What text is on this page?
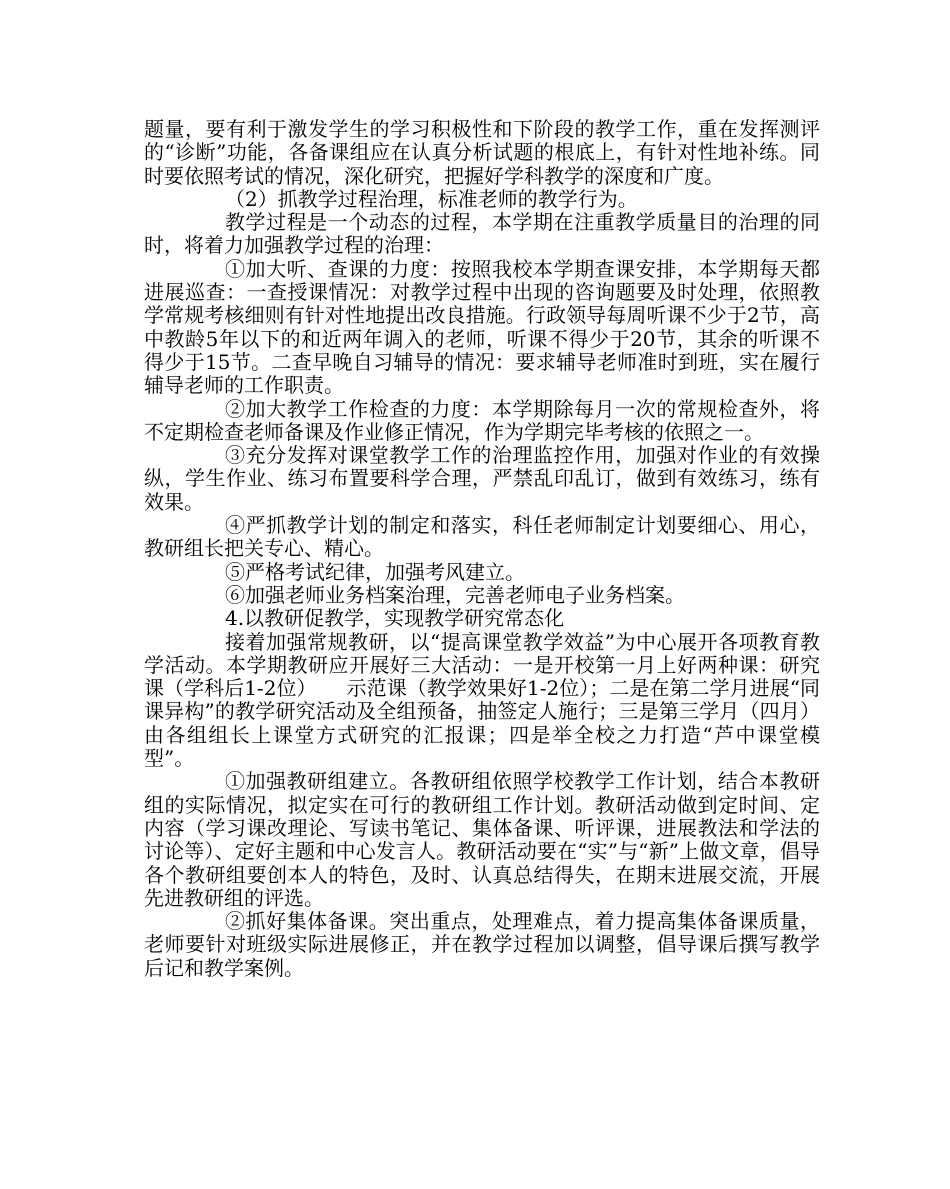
题量，要有利于激发学生的学习积极性和下阶段的教学工作，重在发挥测评的“诊断”功能，各备课组应在认真分析试题的根底上，有针对性地补练。同时要依照考试的情况，深化研究，把握好学科教学的深度和广度。

（2）抓教学过程治理，标准老师的教学行为。

教学过程是一个动态的过程，本学期在注重教学质量目的治理的同时，将着力加强教学过程的治理：

①加大听、查课的力度：按照我校本学期查课安排，本学期每天都进展巡查：一查授课情况：对教学过程中出现的咨询题要及时处理，依照教学常规考核细则有针对性地提出改良措施。行政领导每周听课不少于2节，高中教龄5年以下的和近两年调入的老师，听课不得少于20节，其余的听课不得少于15节。二查早晚自习辅导的情况：要求辅导老师准时到班，实在履行辅导老师的工作职责。

②加大教学工作检查的力度：本学期除每月一次的常规检查外，将不定期检查老师备课及作业修正情况，作为学期完毕考核的依照之一。

③充分发挥对课堂教学工作的治理监控作用，加强对作业的有效操纵，学生作业、练习布置要科学合理，严禁乱印乱订，做到有效练习，练有效果。

④严抓教学计划的制定和落实，科任老师制定计划要细心、用心，教研组长把关专心、精心。

⑤严格考试纪律，加强考风建立。

⑥加强老师业务档案治理，完善老师电子业务档案。

4.以教研促教学，实现教学研究常态化

接着加强常规教研，以“提高课堂教学效益”为中心展开各项教育教学活动。本学期教研应开展好三大活动：一是开校第一月上好两种课：研究课（学科后1-2位）　　示范课（教学效果好1-2位）；二是在第二学月进展“同课异构”的教学研究活动及全组预备，抽签定人施行；三是第三学月（四月）由各组组长上课堂方式研究的汇报课；四是举全校之力打造“芦中课堂模型”。

①加强教研组建立。各教研组依照学校教学工作计划，结合本教研组的实际情况，拟定实在可行的教研组工作计划。教研活动做到定时间、定内容（学习课改理论、写读书笔记、集体备课、听评课，进展教法和学法的讨论等）、定好主题和中心发言人。教研活动要在“实”与“新”上做文章，倡导各个教研组要创本人的特色，及时、认真总结得失，在期末进展交流，开展先进教研组的评选。

②抓好集体备课。突出重点，处理难点，着力提高集体备课质量，老师要针对班级实际进展修正，并在教学过程加以调整，倡导课后撰写教学后记和教学案例。
